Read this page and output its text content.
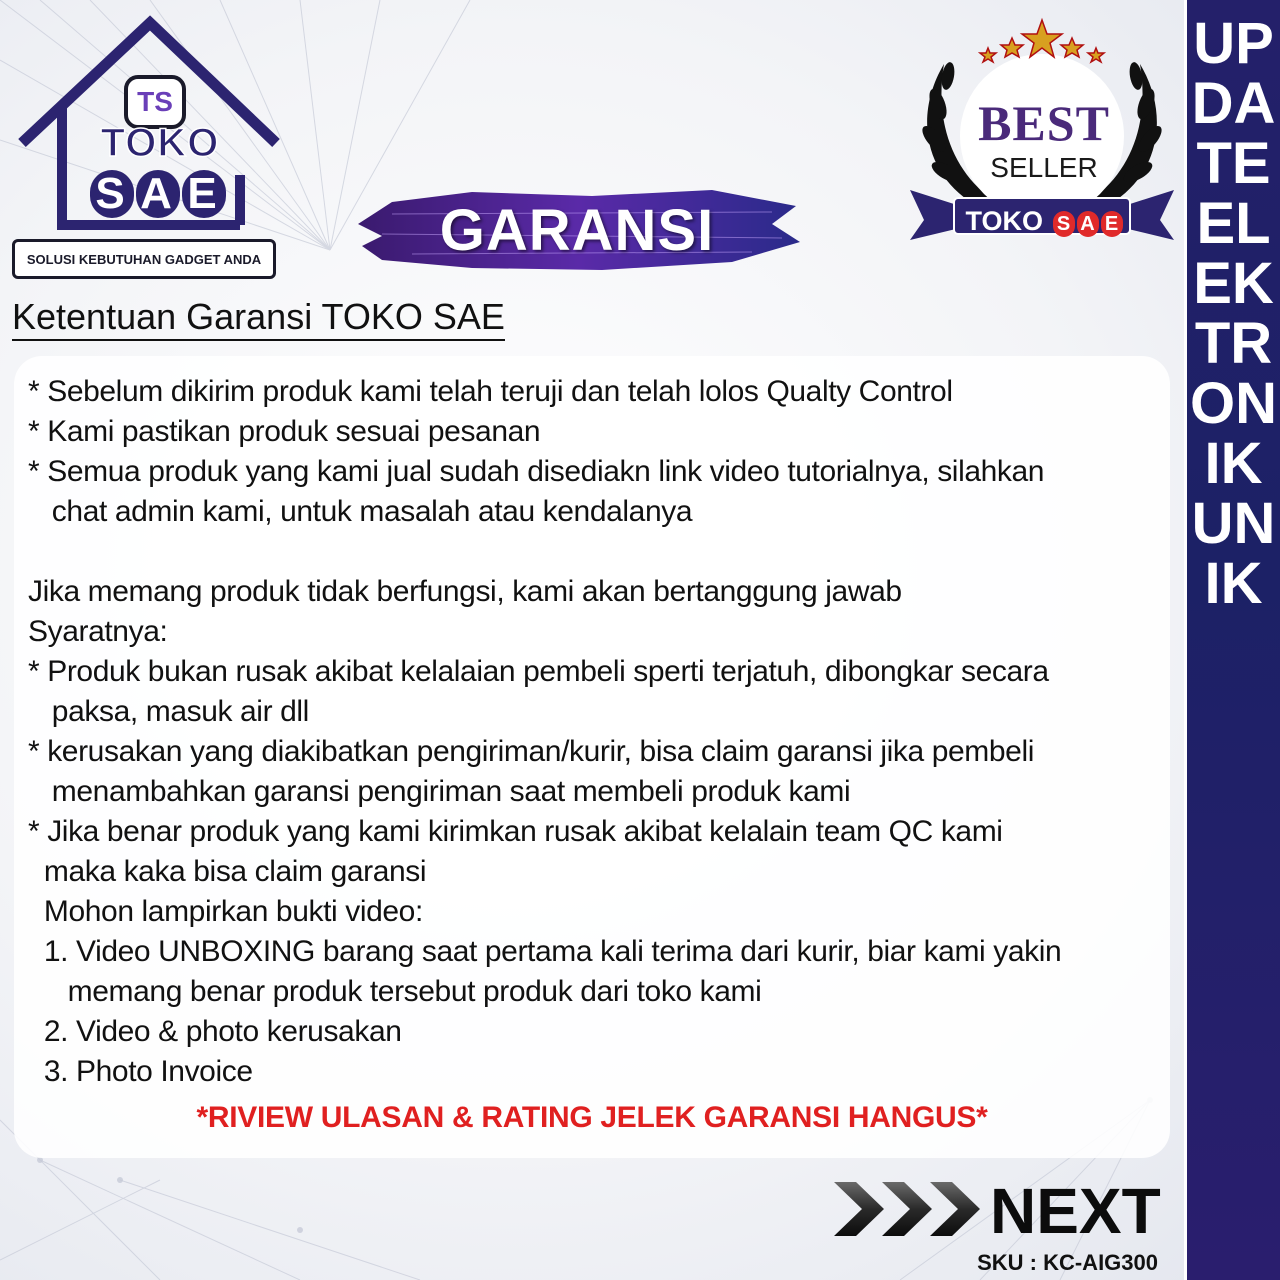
TS
TOKO
S A E
SOLUSI KEBUTUHAN GADGET ANDA	GARANSI
BEST
SELLER
TOKO S A E
Ketentuan Garansi TOKO SAE
* Sebelum dikirim produk kami telah teruji dan telah lolos Qualty Control
* Kami pastikan produk sesuai pesanan
* Semua produk yang kami jual sudah disediakn link video tutorialnya, silahkan
chat admin kami, untuk masalah atau kendalanya
Jika memang produk tidak berfungsi, kami akan bertanggung jawab
Syaratnya:
* Produk bukan rusak akibat kelalaian pembeli sperti terjatuh, dibongkar secara
paksa, masuk air dll
* kerusakan yang diakibatkan pengiriman/kurir, bisa claim garansi jika pembeli
menambahkan garansi pengiriman saat membeli produk kami
* Jika benar produk yang kami kirimkan rusak akibat kelalain team QC kami
maka kaka bisa claim garansi
Mohon lampirkan bukti video:
1. Video UNBOXING barang saat pertama kali terima dari kurir, biar kami yakin
memang benar produk tersebut produk dari toko kami
2. Video & photo kerusakan
3. Photo Invoice
*RIVIEW ULASAN & RATING JELEK GARANSI HANGUS*
NEXT
SKU : KC-AIG300
UPDATEELEKTRONIKUNIK
